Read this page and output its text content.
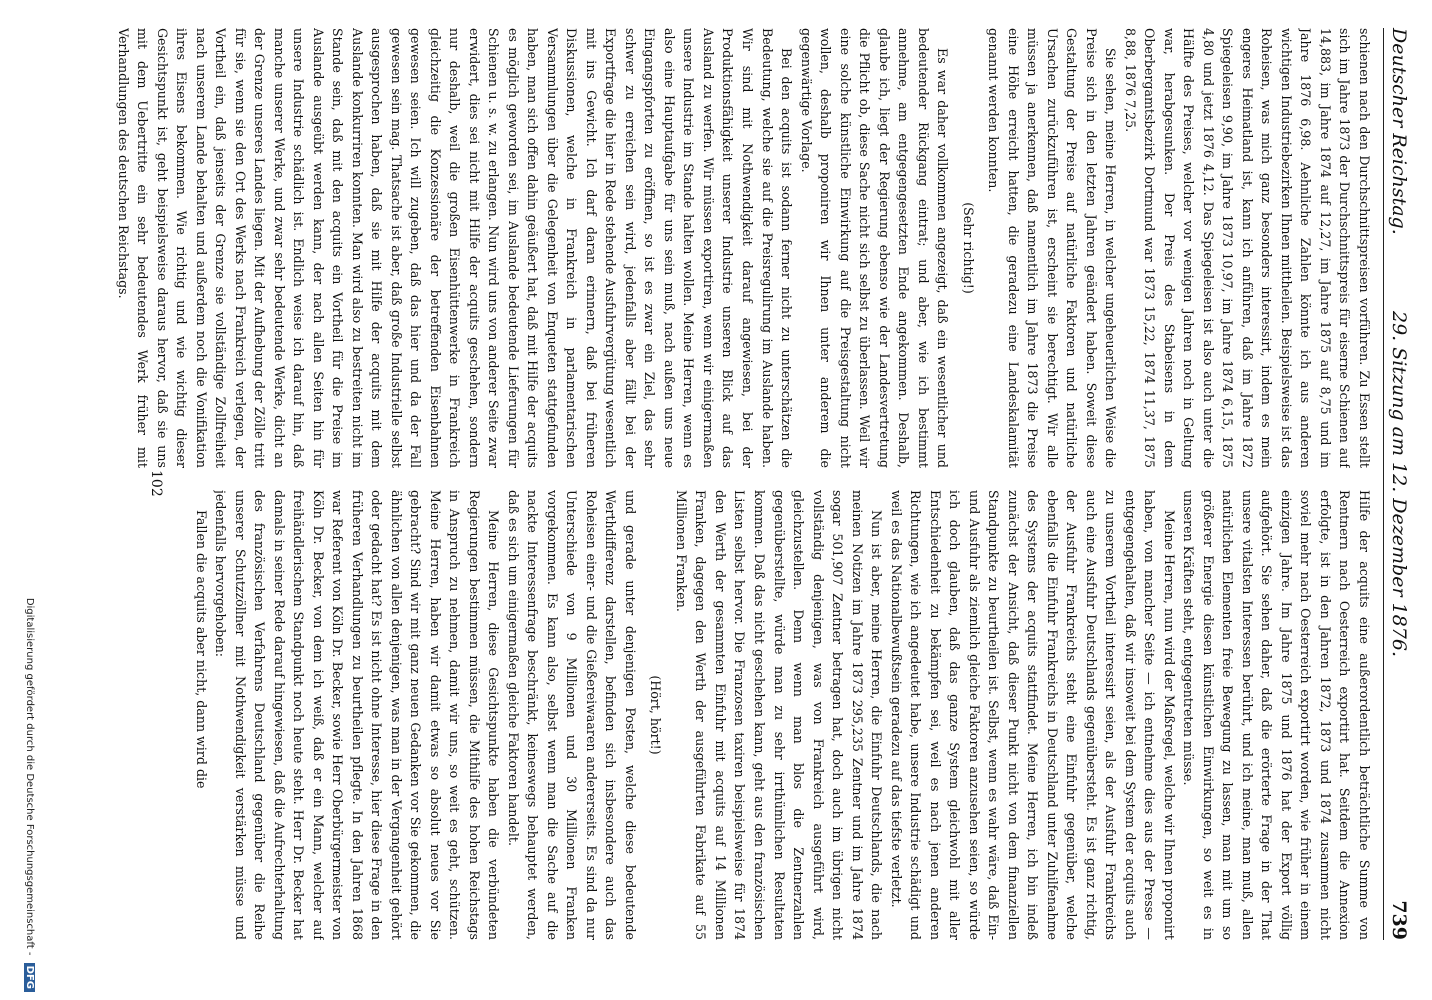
Deutscher Reichstag.
29. Sitzung am 12. Dezember 1876.
739

schienen nach den Durchschnittspreisen vorführen. Zu Essen stellt sich im Jahre 1873 der Durchschnittspreis für eiserne Schienen auf 14,883, im Jahre 1874 auf 12,27, im Jahre 1875 auf 8,75 und im Jahre 1876 6,98. Aehnliche Zahlen könnte ich aus anderen wichtigen Industriebezirken Ihnen mittheilen. Beispielsweise ist das Roheisen, was mich ganz besonders interessirt, indem es mein engeres Heimatland ist, kann ich anführen, daß im Jahre 1872 Spiegeleisen 9,90, im Jahre 1873 10,97, im Jahre 1874 6,15, 1875 4,80 und jetzt 1876 4,12. Das Spiegeleisen ist also auch unter die Hälfte des Preises, welcher vor wenigen Jahren noch in Geltung war, herabgesunken. Der Preis des Stabeisens in dem Oberbergamtsbezirk Dortmund war 1873 15,22, 1874 11,37, 1875 8,88, 1876 7,25.

Sie sehen, meine Herren, in welcher ungeheuerlichen Weise die Preise sich in den letzten Jahren geändert haben. Soweit diese Gestaltung der Preise auf natürliche Faktoren und natürliche Ursachen zurückzuführen ist, erscheint sie berechtigt. Wir alle müssen ja anerkennen, daß namentlich im Jahre 1873 die Preise eine Höhe erreicht hatten, die geradezu eine Landeskalamität genannt werden konnten.

(Sehr richtig!)

Es war daher vollkommen angezeigt, daß ein wesentlicher und bedeutender Rückgang eintrat; und aber, wie ich bestimmt annehme, am entgegengesetzten Ende angekommen. Deshalb, glaube ich, liegt der Regierung ebenso wie der Landesvertretung die Pflicht ob, diese Sache nicht sich selbst zu überlassen. Weil wir eine solche künstliche Einwirkung auf die Preisgestaltung nicht wollen, deshalb proponiren wir Ihnen unter anderem die gegenwärtige Vorlage.

Bei den acquits ist sodann ferner nicht zu unterschätzen die Bedeutung, welche sie auf die Preisregulirung im Auslande haben. Wir sind mit Nothwendigkeit darauf angewiesen, bei der Produktionsfähigkeit unserer Industrie unseren Blick auf das Ausland zu werfen. Wir müssen exportiren, wenn wir einigermaßen unsere Industrie im Stande halten wollen. Meine Herren, wenn es also eine Hauptaufgabe für uns sein muß, nach außen uns neue Eingangspforten zu eröffnen, so ist es zwar ein Ziel, das sehr schwer zu erreichen sein wird, jedenfalls aber fällt bei der Exportfrage die hier in Rede stehende Ausfuhrvergütung wesentlich mit ins Gewicht. Ich darf daran erinnern, daß bei früheren Diskussionen, welche in Frankreich in parlamentarischen Versammlungen über die Gelegenheit von Enqueten stattgefunden haben, man sich offen dahin geäußert hat, daß mit Hilfe der acquits es möglich geworden sei, im Auslande bedeutende Lieferungen für Schienen u. s. w. zu erlangen. Nun wird uns von anderer Seite zwar erwidert, dies sei nicht mit Hilfe der acquits geschehen, sondern nur deshalb, weil die großen Eisenhüttenwerke in Frankreich gleichzeitig die Konzessionäre der betreffenden Eisenbahnen gewesen seien. Ich will zugeben, daß das hier und da der Fall gewesen sein mag. Thatsache ist aber, daß große Industrielle selbst ausgesprochen haben, daß sie mit Hilfe der acquits mit dem Auslande konkurriren konnten. Man wird also zu bestreiten nicht im Stande sein, daß mit den acquits ein Vortheil für die Preise im Auslande ausgeübt werden kann, der nach allen Seiten hin für unsere Industrie schädlich ist. Endlich weise ich darauf hin, daß manche unserer Werke, und zwar sehr bedeutende Werke, dicht an der Grenze unseres Landes liegen. Mit der Aufhebung der Zölle tritt für sie, wenn sie den Ort des Werks nach Frankreich verlegen, der Vortheil ein, daß jenseits der Grenze sie vollständige Zollfreiheit nach unserem Lande behalten und außerdem noch die Vonifikation ihres Eisens bekommen. Wie richtig und wie wichtig dieser Gesichtspunkt ist, geht beispielsweise daraus hervor, daß sie uns mit dem Uebertritte ein sehr bedeutendes Werk früher mit Verhandlungen des deutschen Reichstags.

Hilfe der acquits eine außerordentlich beträchtliche Summe von Rentnern nach Oesterreich exportirt hat. Seitdem die Annexion erfolgte, ist in den Jahren 1872, 1873 und 1874 zusammen nicht soviel mehr nach Oesterreich exportirt worden, wie früher in einem einzigen Jahre. Im Jahre 1875 und 1876 hat der Export völlig aufgehört. Sie sehen daher, daß die erörterte Frage in der That unsere vitalsten Interessen berührt, und ich meine, man muß, allen natürlichen Elementen freie Bewegung zu lassen, man mit um so größerer Energie diesen künstlichen Einwirkungen, so weit es in unseren Kräften steht, entgegentreten müsse.

Meine Herren, nun wird der Maßregel, welche wir Ihnen proponirt haben, von mancher Seite — ich entnehme dies aus der Presse — entgegengehalten, daß wir insoweit bei dem System der acquits auch zu unserem Vortheil interessirt seien, als der Ausfuhr Frankreichs auch eine Ausfuhr Deutschlands gegenübersteht. Es ist ganz richtig, der Ausfuhr Frankreichs steht eine Einfuhr gegenüber, welche ebenfalls die Einfuhr Frankreichs in Deutschland unter Zuhilfenahme des Systems der acquits stattfindet. Meine Herren, ich bin indeß zunächst der Ansicht, daß dieser Punkt nicht von dem finanziellen Standpunkte zu beurtheilen ist. Selbst, wenn es wahr wäre, daß Ein- und Ausfuhr als ziemlich gleiche Faktoren anzusehen seien, so würde ich doch glauben, daß das ganze System gleichwohl mit aller Entschiedenheit zu bekämpfen sei, weil es nach jenen anderen Richtungen, wie ich angedeutet habe, unsere Industrie schädigt und weil es das Nationalbewußtsein geradezu auf das tiefste verletzt.

Nun ist aber, meine Herren, die Einfuhr Deutschlands, die nach meinen Notizen im Jahre 1873 295,235 Zentner und im Jahre 1874 sogar 501,907 Zentner betragen hat, doch auch im übrigen nicht vollständig denjenigen, was von Frankreich ausgeführt wird, gleichzustellen. Denn wenn man blos die Zentnerzahlen gegenüberstellte, würde man zu sehr irrthümlichen Resultaten kommen. Daß das nicht geschehen kann, geht aus den französischen Listen selbst hervor. Die Franzosen taxiren beispielsweise für 1874 den Werth der gesammten Einfuhr mit acquits auf 14 Millionen Franken, dagegen den Werth der ausgeführten Fabrikate auf 55 Millionen Franken.

(Hört, hört!)

und gerade unter denjenigen Posten, welche diese bedeutende Werthdifferenz darstellen, befinden sich insbesondere auch das Roheisen einer- und die Gießereiwaaren andererseits. Es sind da nur Unterschiede von 9 Millionen und 30 Millionen Franken vorgekommen. Es kann also, selbst wenn man die Sache auf die nackte Interessenfrage beschränkt, keineswegs behauptet werden, daß es sich um einigermaßen gleiche Faktoren handelt.

Meine Herren, diese Gesichtspunkte haben die verbündeten Regierungen bestimmen müssen, die Mithilfe des hohen Reichstags in Anspruch zu nehmen, damit wir uns, so weit es geht, schützen. Meine Herren, haben wir damit etwas so absolut neues vor Sie gebracht? Sind wir mit ganz neuen Gedanken vor Sie gekommen, die ähnlichen von allen denjenigen, was man in der Vergangenheit gehört oder gedacht hat? Es ist nicht ohne Interesse, hier diese Frage in den früheren Verhandlungen zu beurtheilen pflegte. In den Jahren 1868 war Referent von Köln Dr. Becker, sowie Herr Oberbürgermeister von Köln Dr. Becker, von dem ich weiß, daß er ein Mann, welcher auf freihändlerischem Standpunkt noch heute steht. Herr Dr. Becker hat damals in seiner Rede darauf hingewiesen, daß die Aufrechterhaltung des französischen Verfahrens Deutschland gegenüber die Reihe unserer Schutzzöllner mit Nothwendigkeit verstärken müsse und jedenfalls hervorgehoben:

Fallen die acquits aber nicht, dann wird die

102
Digitalisierung gefördert durch die Deutsche Forschungsgemeinschaft - DFG
